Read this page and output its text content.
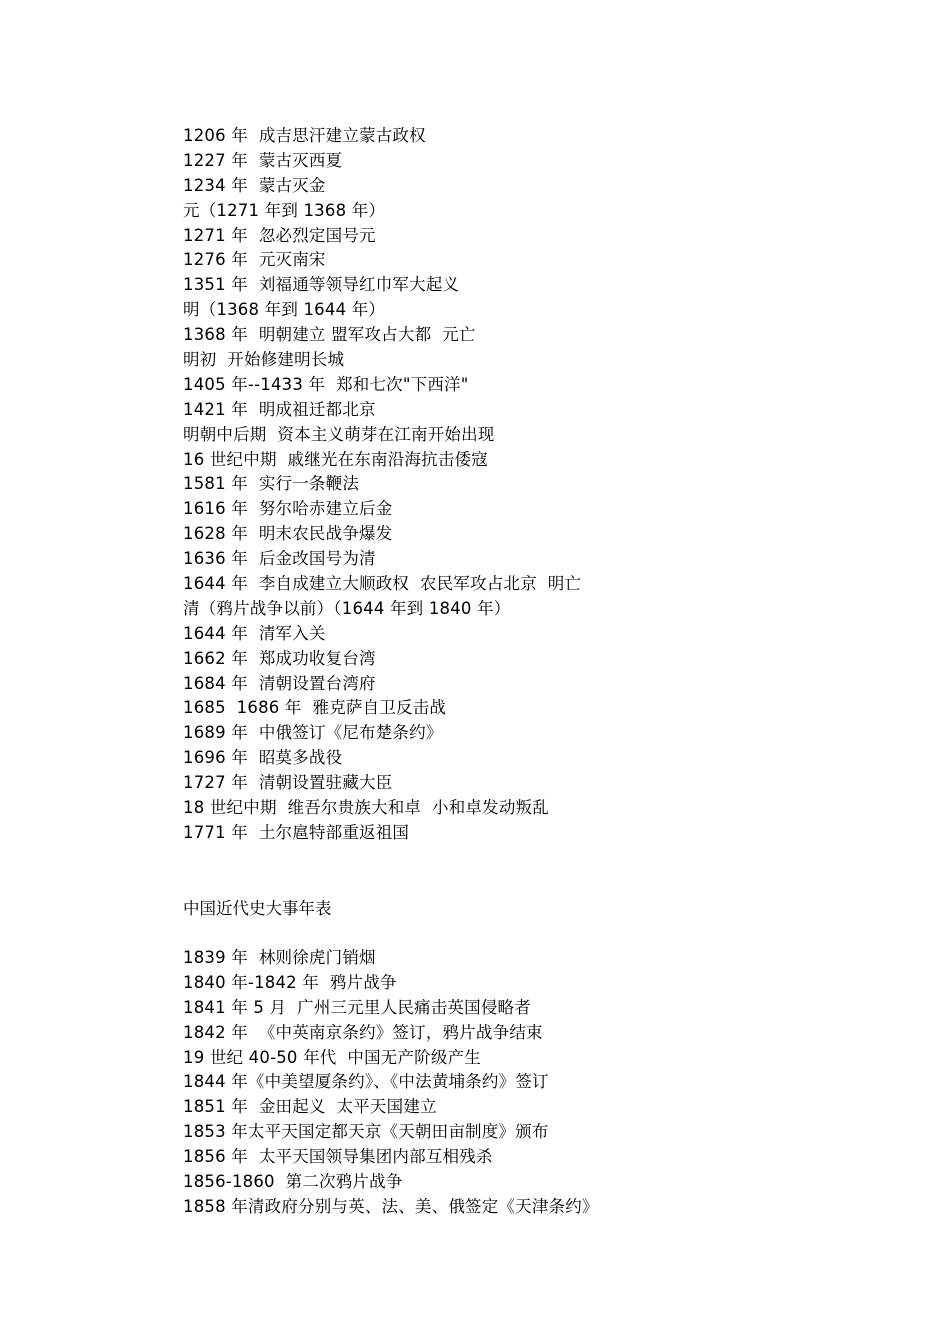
1206 年  成吉思汗建立蒙古政权
1227 年  蒙古灭西夏
1234 年  蒙古灭金
元（1271 年到 1368 年）
1271 年  忽必烈定国号元
1276 年  元灭南宋
1351 年  刘福通等领导红巾军大起义
明（1368 年到 1644 年）
1368 年  明朝建立 盟军攻占大都  元亡
明初  开始修建明长城
1405 年--1433 年  郑和七次"下西洋"
1421 年  明成祖迁都北京
明朝中后期  资本主义萌芽在江南开始出现
16 世纪中期  戚继光在东南沿海抗击倭寇
1581 年  实行一条鞭法
1616 年  努尔哈赤建立后金
1628 年  明末农民战争爆发
1636 年  后金改国号为清
1644 年  李自成建立大顺政权  农民军攻占北京  明亡
清（鸦片战争以前）（1644 年到 1840 年）
1644 年  清军入关
1662 年  郑成功收复台湾
1684 年  清朝设置台湾府
1685  1686 年  雅克萨自卫反击战
1689 年  中俄签订《尼布楚条约》
1696 年  昭莫多战役
1727 年  清朝设置驻藏大臣
18 世纪中期  维吾尔贵族大和卓  小和卓发动叛乱
1771 年  土尔扈特部重返祖国
中国近代史大事年表
1839 年  林则徐虎门销烟
1840 年-1842 年  鸦片战争
1841 年 5 月  广州三元里人民痛击英国侵略者
1842 年  《中英南京条约》签订，鸦片战争结束
19 世纪 40-50 年代  中国无产阶级产生
1844 年《中美望厦条约》、《中法黄埔条约》签订
1851 年  金田起义  太平天国建立
1853 年太平天国定都天京《天朝田亩制度》颁布
1856 年  太平天国领导集团内部互相残杀
1856-1860  第二次鸦片战争
1858 年清政府分别与英、法、美、俄签定《天津条约》
